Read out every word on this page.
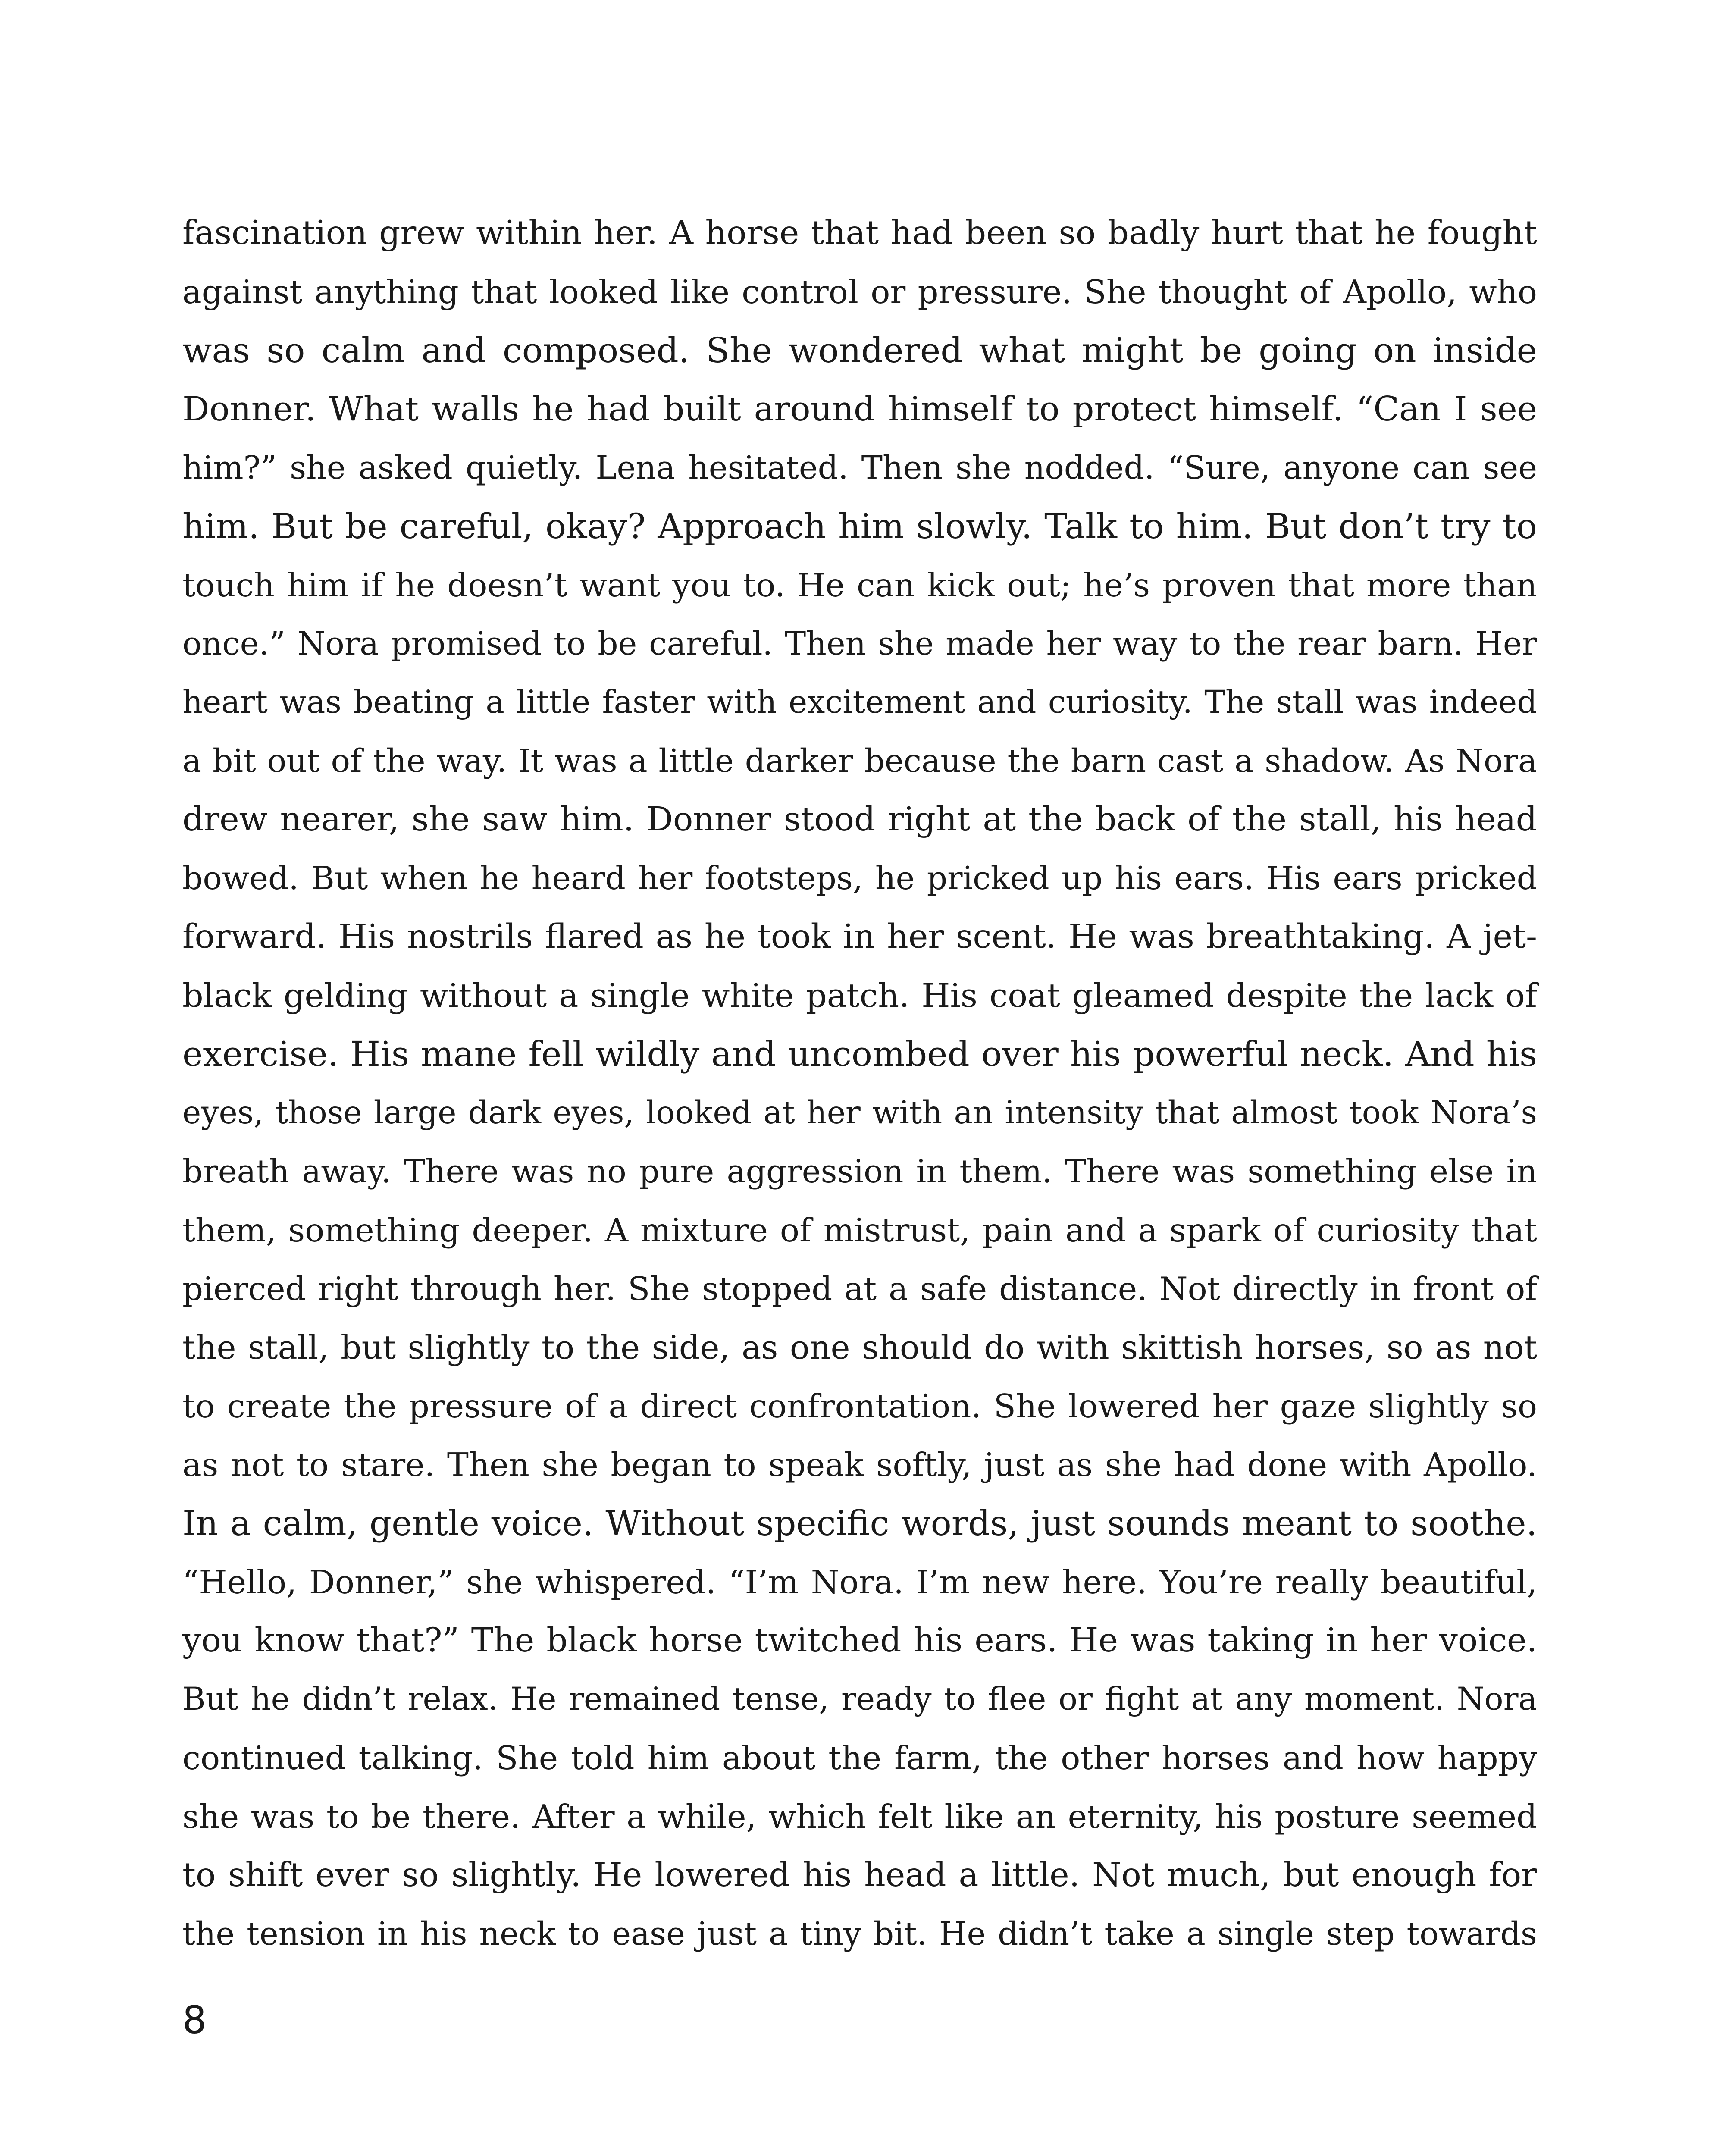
fascination grew within her. A horse that had been so badly hurt that he fought
against anything that looked like control or pressure. She thought of Apollo, who
was so calm and composed. She wondered what might be going on inside
Donner. What walls he had built around himself to protect himself. “Can I see
him?” she asked quietly. Lena hesitated. Then she nodded. “Sure, anyone can see
him. But be careful, okay? Approach him slowly. Talk to him. But don’t try to
touch him if he doesn’t want you to. He can kick out; he’s proven that more than
once.” Nora promised to be careful. Then she made her way to the rear barn. Her
heart was beating a little faster with excitement and curiosity. The stall was indeed
a bit out of the way. It was a little darker because the barn cast a shadow. As Nora
drew nearer, she saw him. Donner stood right at the back of the stall, his head
bowed. But when he heard her footsteps, he pricked up his ears. His ears pricked
forward. His nostrils flared as he took in her scent. He was breathtaking. A jet-
black gelding without a single white patch. His coat gleamed despite the lack of
exercise. His mane fell wildly and uncombed over his powerful neck. And his
eyes, those large dark eyes, looked at her with an intensity that almost took Nora’s
breath away. There was no pure aggression in them. There was something else in
them, something deeper. A mixture of mistrust, pain and a spark of curiosity that
pierced right through her. She stopped at a safe distance. Not directly in front of
the stall, but slightly to the side, as one should do with skittish horses, so as not
to create the pressure of a direct confrontation. She lowered her gaze slightly so
as not to stare. Then she began to speak softly, just as she had done with Apollo.
In a calm, gentle voice. Without specific words, just sounds meant to soothe.
“Hello, Donner,” she whispered. “I’m Nora. I’m new here. You’re really beautiful,
you know that?” The black horse twitched his ears. He was taking in her voice.
But he didn’t relax. He remained tense, ready to flee or fight at any moment. Nora
continued talking. She told him about the farm, the other horses and how happy
she was to be there. After a while, which felt like an eternity, his posture seemed
to shift ever so slightly. He lowered his head a little. Not much, but enough for
the tension in his neck to ease just a tiny bit. He didn’t take a single step towards
8
